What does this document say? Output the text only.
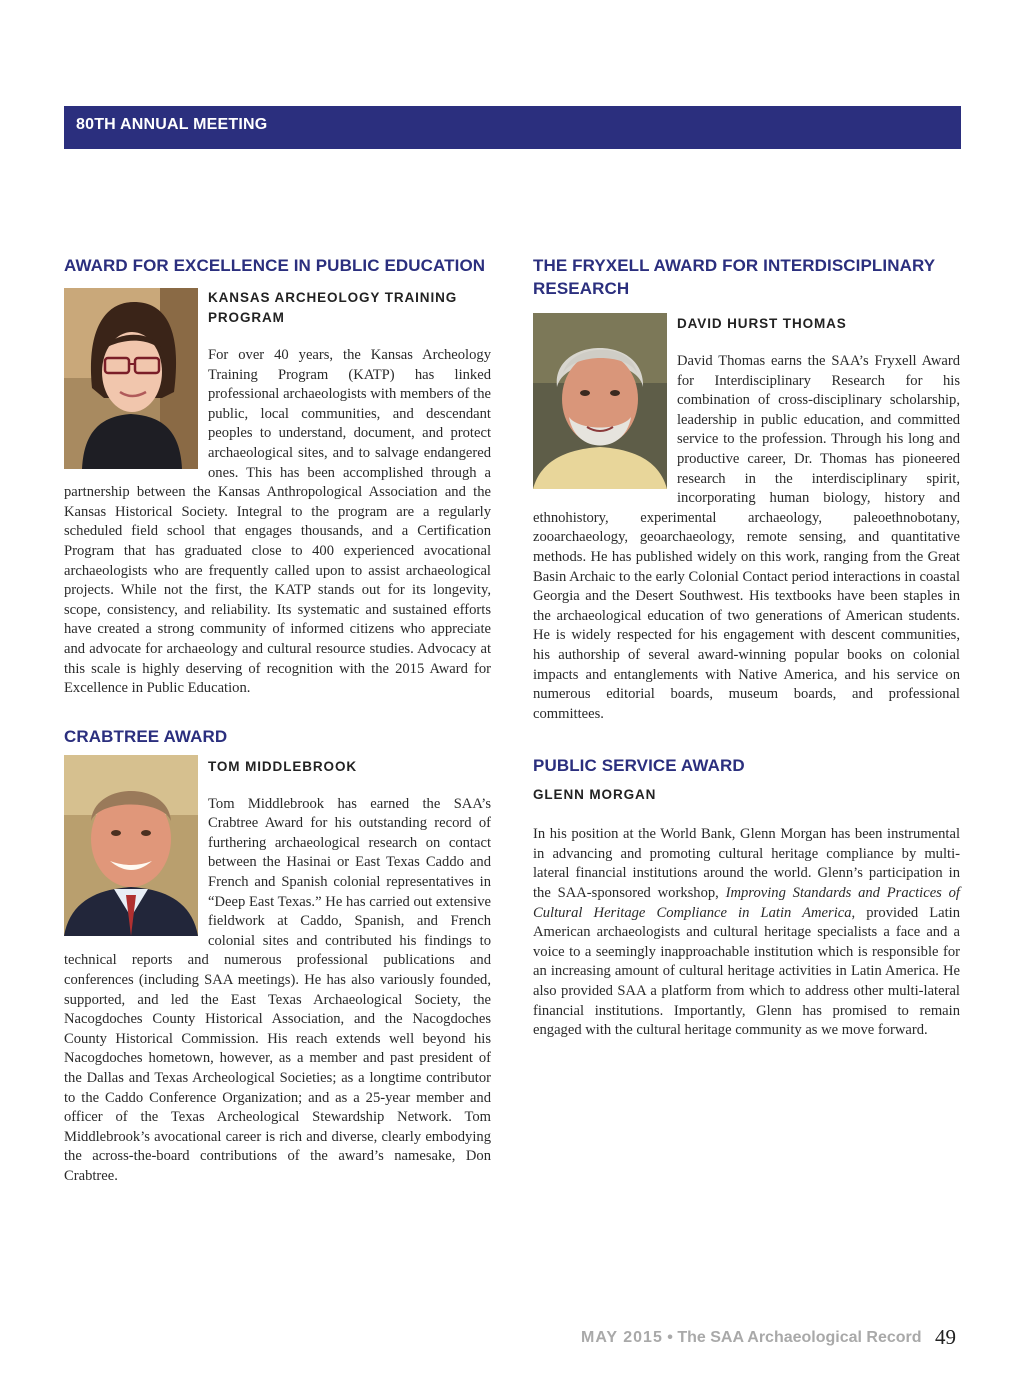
80TH ANNUAL MEETING
AWARD FOR EXCELLENCE IN PUBLIC EDUCATION
KANSAS ARCHEOLOGY TRAINING PROGRAM

For over 40 years, the Kansas Archeology Training Program (KATP) has linked professional archaeologists with members of the public, local communities, and descendant peoples to understand, document, and protect archaeological sites, and to salvage endangered ones. This has been accomplished through a partnership between the Kansas Anthropological Association and the Kansas Historical Society. Integral to the program are a regularly scheduled field school that engages thousands, and a Certification Program that has graduated close to 400 experienced avocational archaeologists who are frequently called upon to assist archaeological projects. While not the first, the KATP stands out for its longevity, scope, consistency, and reliability. Its systematic and sustained efforts have created a strong community of informed citizens who appreciate and advocate for archaeology and cultural resource studies. Advocacy at this scale is highly deserving of recognition with the 2015 Award for Excellence in Public Education.

CRABTREE AWARD
TOM MIDDLEBROOK

Tom Middlebrook has earned the SAA’s Crabtree Award for his outstanding record of furthering archaeological research on contact between the Hasinai or East Texas Caddo and French and Spanish colonial representatives in “Deep East Texas.” He has carried out extensive fieldwork at Caddo, Spanish, and French colonial sites and contributed his findings to technical reports and numerous professional publications and conferences (including SAA meetings). He has also variously founded, supported, and led the East Texas Archaeological Society, the Nacogdoches County Historical Association, and the Nacogdoches County Historical Commission. His reach extends well beyond his Nacogdoches hometown, however, as a member and past president of the Dallas and Texas Archeological Societies; as a longtime contributor to the Caddo Conference Organization; and as a 25-year member and officer of the Texas Archeological Stewardship Network. Tom Middlebrook’s avocational career is rich and diverse, clearly embodying the across-the-board contributions of the award’s namesake, Don Crabtree.

THE FRYXELL AWARD FOR INTERDISCIPLINARY RESEARCH
DAVID HURST THOMAS

David Thomas earns the SAA’s Fryxell Award for Interdisciplinary Research for his combination of cross-disciplinary scholarship, leadership in public education, and committed service to the profession. Through his long and productive career, Dr. Thomas has pioneered research in the interdisciplinary spirit, incorporating human biology, history and ethnohistory, experimental archaeology, paleoethnobotany, zooarchaeology, geoarchaeology, remote sensing, and quantitative methods. He has published widely on this work, ranging from the Great Basin Archaic to the early Colonial Contact period interactions in coastal Georgia and the Desert Southwest. His textbooks have been staples in the archaeological education of two generations of American students. He is widely respected for his engagement with descent communities, his authorship of several award-winning popular books on colonial impacts and entanglements with Native America, and his service on numerous editorial boards, museum boards, and professional committees.

PUBLIC SERVICE AWARD
GLENN MORGAN

In his position at the World Bank, Glenn Morgan has been instrumental in advancing and promoting cultural heritage compliance by multi-lateral financial institutions around the world. Glenn’s participation in the SAA-sponsored workshop, Improving Standards and Practices of Cultural Heritage Compliance in Latin America, provided Latin American archaeologists and cultural heritage specialists a face and a voice to a seemingly inapproachable institution which is responsible for an increasing amount of cultural heritage activities in Latin America. He also provided SAA a platform from which to address other multi-lateral financial institutions. Importantly, Glenn has promised to remain engaged with the cultural heritage community as we move forward.

MAY 2015 • The SAA Archaeological Record 49
